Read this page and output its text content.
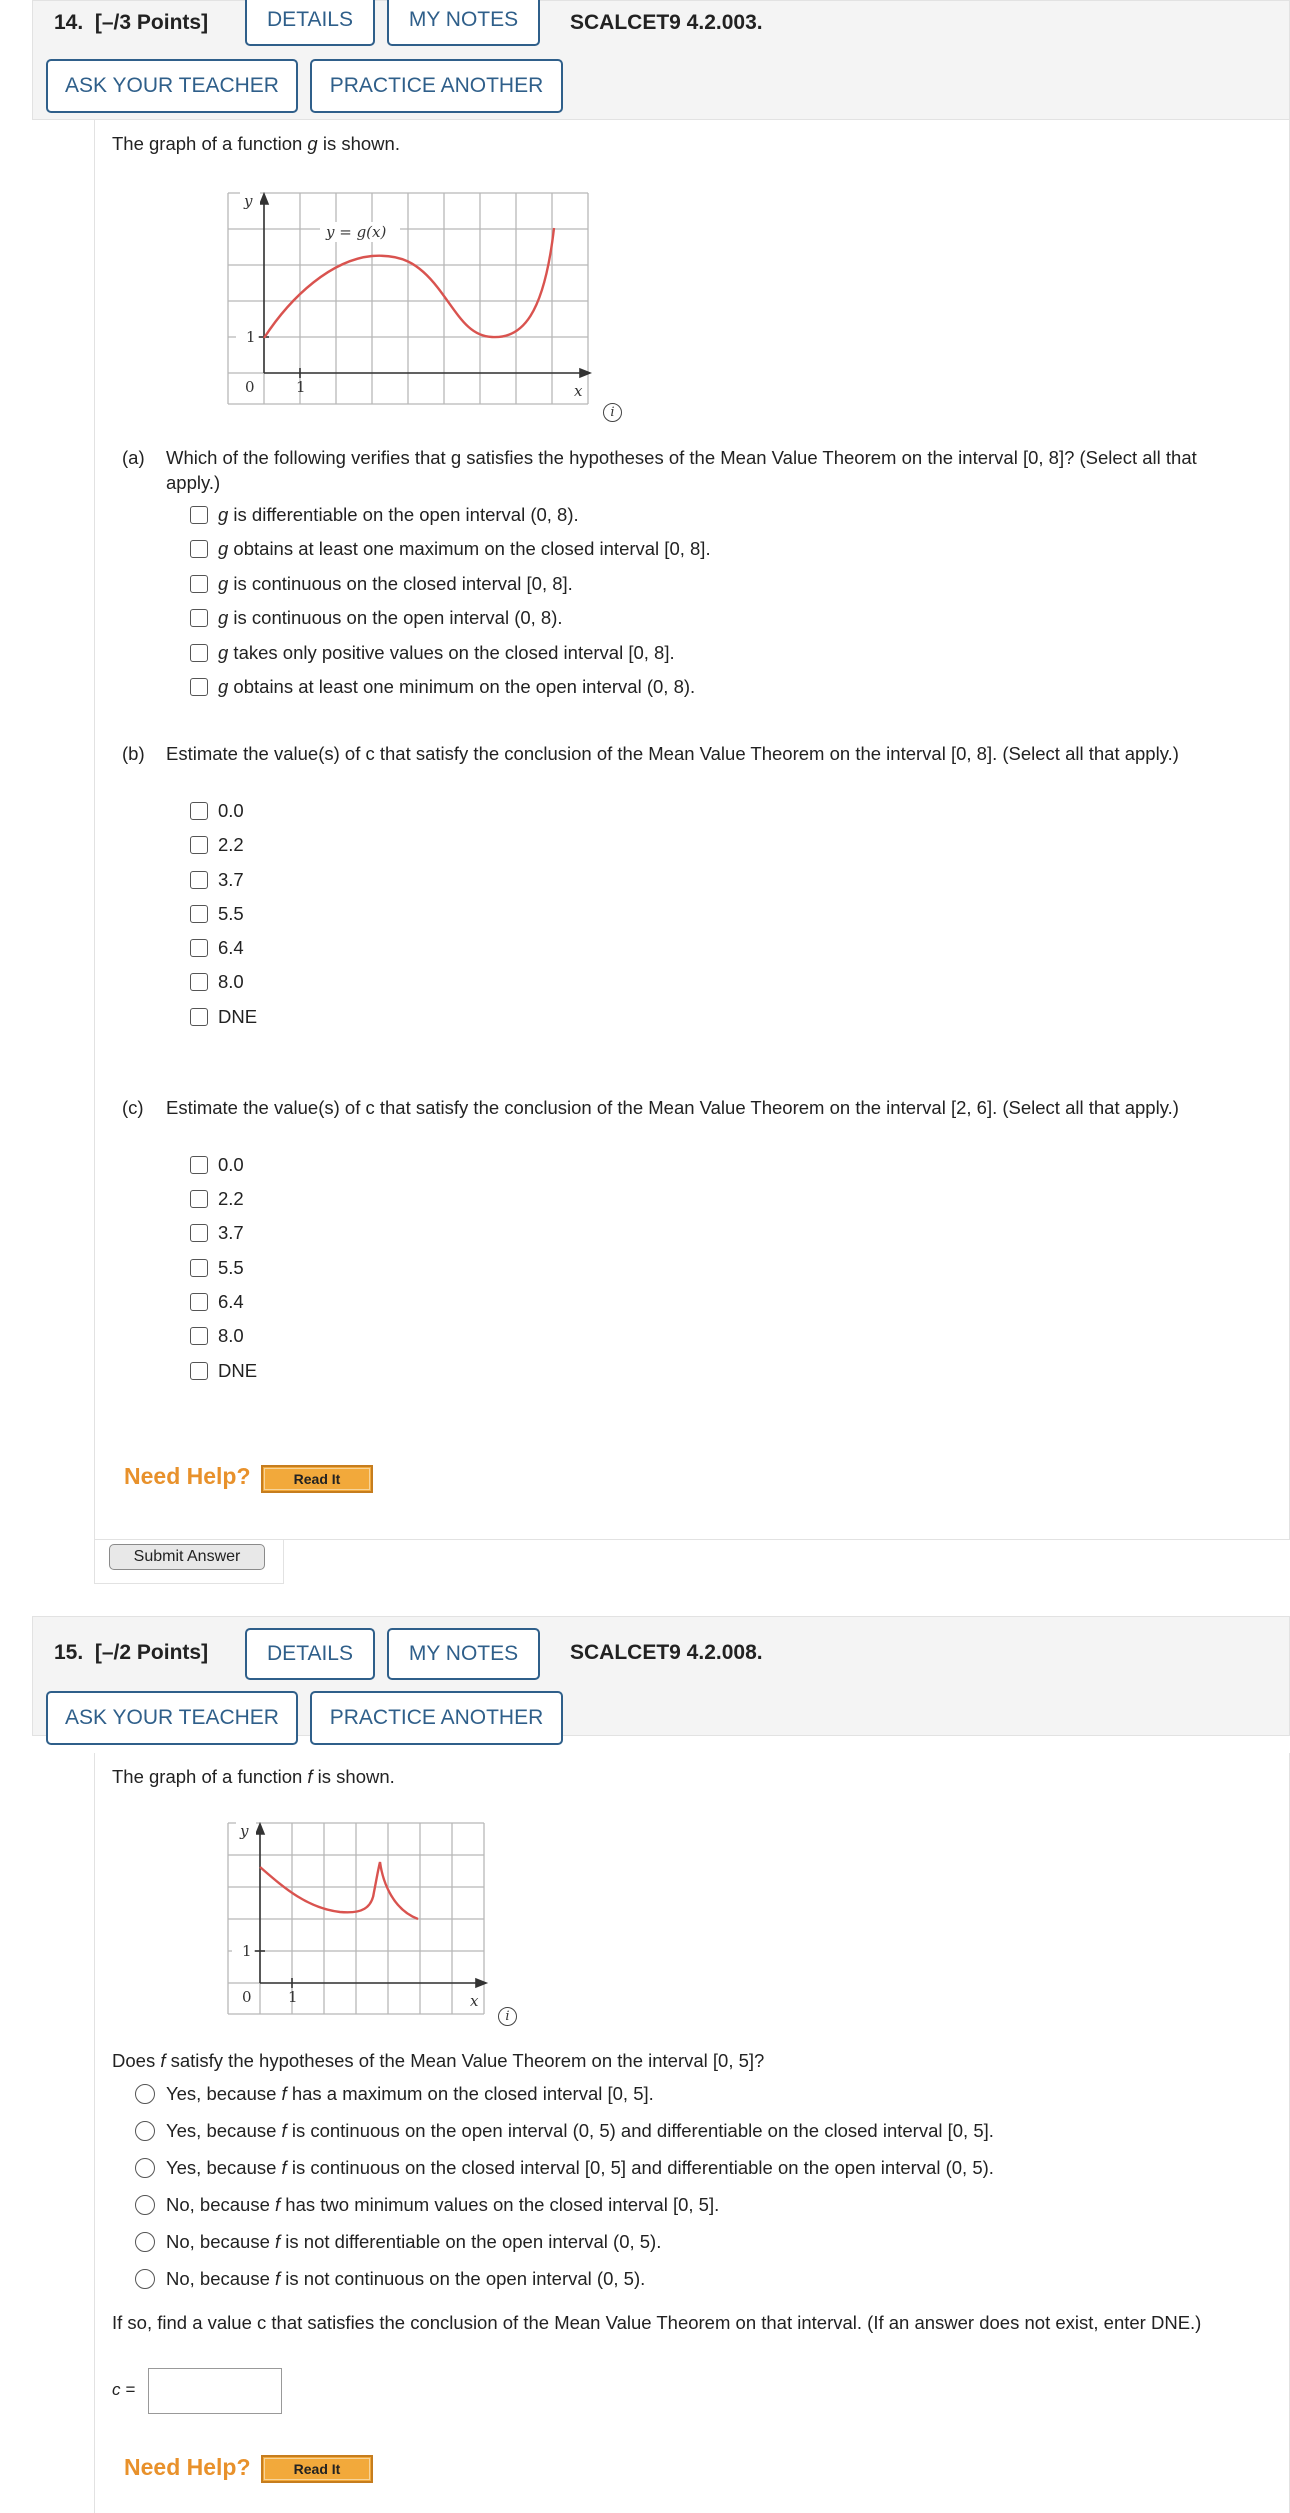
14. [–/3 Points]	DETAILS	MY NOTES	SCALCET9 4.2.003.
ASK YOUR TEACHER	PRACTICE ANOTHER
The graph of a function g is shown.
y
x
y = g(x)
0	1
1
i
(a) Which of the following verifies that g satisfies the hypotheses of the Mean Value Theorem on the interval [0, 8]? (Select all that apply.)
g is differentiable on the open interval (0, 8).
g obtains at least one maximum on the closed interval [0, 8].
g is continuous on the closed interval [0, 8].
g is continuous on the open interval (0, 8).
g takes only positive values on the closed interval [0, 8].
g obtains at least one minimum on the open interval (0, 8).
(b) Estimate the value(s) of c that satisfy the conclusion of the Mean Value Theorem on the interval [0, 8]. (Select all that apply.)
0.0
2.2
3.7
5.5
6.4
8.0
DNE
(c) Estimate the value(s) of c that satisfy the conclusion of the Mean Value Theorem on the interval [2, 6]. (Select all that apply.)
0.0
2.2
3.7
5.5
6.4
8.0
DNE
Need Help?	Read It
Submit Answer
15. [–/2 Points]	DETAILS	MY NOTES	SCALCET9 4.2.008.
ASK YOUR TEACHER	PRACTICE ANOTHER
The graph of a function f is shown.
y
x
0 1
1
i
Does f satisfy the hypotheses of the Mean Value Theorem on the interval [0, 5]?
Yes, because f has a maximum on the closed interval [0, 5].
Yes, because f is continuous on the open interval (0, 5) and differentiable on the closed interval [0, 5].
Yes, because f is continuous on the closed interval [0, 5] and differentiable on the open interval (0, 5).
No, because f has two minimum values on the closed interval [0, 5].
No, because f is not differentiable on the open interval (0, 5).
No, because f is not continuous on the open interval (0, 5).
If so, find a value c that satisfies the conclusion of the Mean Value Theorem on that interval. (If an answer does not exist, enter DNE.)
c =
Need Help?	Read It
